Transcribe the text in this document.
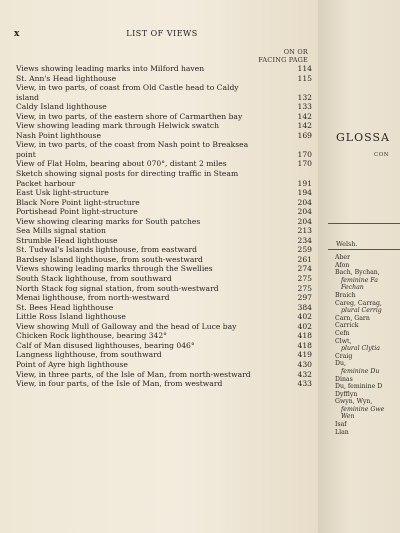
x	LIST OF VIEWS
ON OR
FACING PAGE
Views showing leading marks into Milford haven	114
St. Ann's Head lighthouse	115
View, in two parts, of coast from Old Castle head to Caldy
island	132
Caldy Island lighthouse	133
View, in two parts, of the eastern shore of Carmarthen bay	142
View showing leading mark through Helwick swatch	142
Nash Point lighthouse	169
View, in two parts, of the coast from Nash point to Breaksea
point	170
View of Flat Holm, bearing about 070°, distant 2 miles	170
Sketch showing signal posts for directing traffic in Steam
Packet harbour	191
East Usk light-structure	194
Black Nore Point light-structure	204
Portishead Point light-structure	204
View showing clearing marks for South patches	204
Sea Mills signal station	213
Strumble Head lighthouse	234
St. Tudwal's Islands lighthouse, from eastward	259
Bardsey Island lighthouse, from south-westward	261
Views showing leading marks through the Swellies	274
South Stack lighthouse, from southward	275
North Stack fog signal station, from south-westward	275
Menai lighthouse, from north-westward	297
St. Bees Head lighthouse	384
Little Ross Island lighthouse	402
View showing Mull of Galloway and the head of Luce bay	402
Chicken Rock lighthouse, bearing 342°	418
Calf of Man disused lighthouses, bearing 046°	418
Langness lighthouse, from southward	419
Point of Ayre high lighthouse	430
View, in three parts, of the Isle of Man, from north-westward	432
View, in four parts, of the Isle of Man, from westward	433
GLOSSA
CON
Welsh.
Aber
Afon
Bach, Bychan,
feminine Fa
Fechan
Braich
Careg, Carrag,
plural Cerrig
Carn, Garn
Carrick
Cefn
Clwt,
plural Clytia
Craig
Du,
feminine Du
Dinas
Du, feminine D
Dyfflyn
Gwyn, Wyn,
feminine Gwe
Wen
Isaf
Llan
